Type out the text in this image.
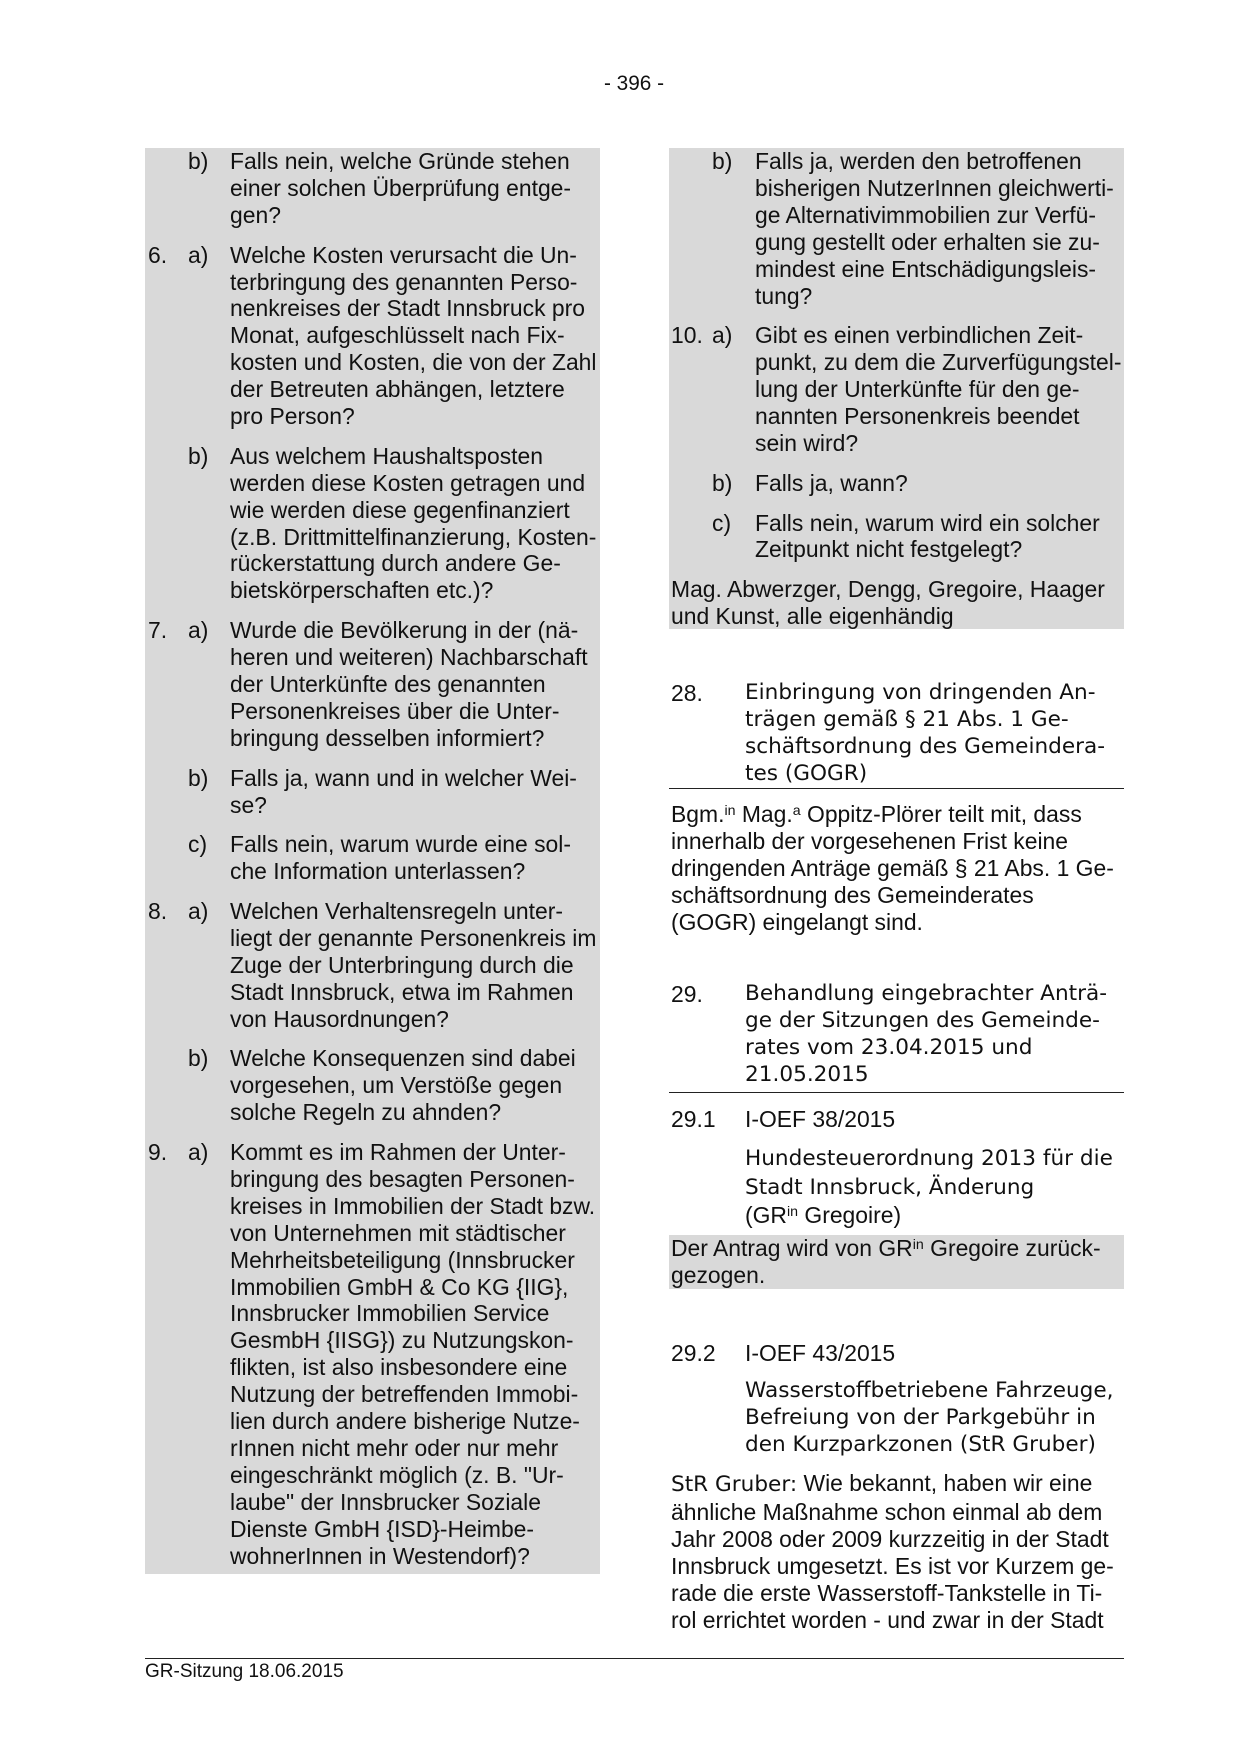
- 396 -
b) Falls nein, welche Gründe stehen
einer solchen Überprüfung entge-
gen?
6. a) Welche Kosten verursacht die Un-
terbringung des genannten Perso-
nenkreises der Stadt Innsbruck pro
Monat, aufgeschlüsselt nach Fix-
kosten und Kosten, die von der Zahl
der Betreuten abhängen, letztere
pro Person?
b) Aus welchem Haushaltsposten
werden diese Kosten getragen und
wie werden diese gegenfinanziert
(z.B. Drittmittelfinanzierung, Kosten-
rückerstattung durch andere Ge-
bietskörperschaften etc.)?
7. a) Wurde die Bevölkerung in der (nä-
heren und weiteren) Nachbarschaft
der Unterkünfte des genannten
Personenkreises über die Unter-
bringung desselben informiert?
b) Falls ja, wann und in welcher Wei-
se?
c) Falls nein, warum wurde eine sol-
che Information unterlassen?
8. a) Welchen Verhaltensregeln unter-
liegt der genannte Personenkreis im
Zuge der Unterbringung durch die
Stadt Innsbruck, etwa im Rahmen
von Hausordnungen?
b) Welche Konsequenzen sind dabei
vorgesehen, um Verstöße gegen
solche Regeln zu ahnden?
9. a) Kommt es im Rahmen der Unter-
bringung des besagten Personen-
kreises in Immobilien der Stadt bzw.
von Unternehmen mit städtischer
Mehrheitsbeteiligung (Innsbrucker
Immobilien GmbH & Co KG {IIG},
Innsbrucker Immobilien Service
GesmbH {IISG}) zu Nutzungskon-
flikten, ist also insbesondere eine
Nutzung der betreffenden Immobi-
lien durch andere bisherige Nutze-
rInnen nicht mehr oder nur mehr
eingeschränkt möglich (z. B. "Ur-
laube" der Innsbrucker Soziale
Dienste GmbH {ISD}-Heimbe-
wohnerInnen in Westendorf)?
b) Falls ja, werden den betroffenen
bisherigen NutzerInnen gleichwerti-
ge Alternativimmobilien zur Verfü-
gung gestellt oder erhalten sie zu-
mindest eine Entschädigungsleis-
tung?
10. a) Gibt es einen verbindlichen Zeit-
punkt, zu dem die Zurverfügungstel-
lung der Unterkünfte für den ge-
nannten Personenkreis beendet
sein wird?
b) Falls ja, wann?
c) Falls nein, warum wird ein solcher
Zeitpunkt nicht festgelegt?
Mag. Abwerzger, Dengg, Gregoire, Haager
und Kunst, alle eigenhändig
28. Einbringung von dringenden An-
trägen gemäß § 21 Abs. 1 Ge-
schäftsordnung des Gemeindera-
tes (GOGR)
Bgm.$^{in}$ Mag.$^a$ Oppitz-Plörer teilt mit, dass
innerhalb der vorgesehenen Frist keine
dringenden Anträge gemäß § 21 Abs. 1 Ge-
schäftsordnung des Gemeinderates
(GOGR) eingelangt sind.
29. Behandlung eingebrachter Anträ-
ge der Sitzungen des Gemeinde-
rates vom 23.04.2015 und
21.05.2015
29.1 I-OEF 38/2015
Hundesteuerordnung 2013 für die
Stadt Innsbruck, Änderung
($GR^{in}$ Gregoire)
Der Antrag wird von $GR^{in}$ Gregoire zurück-
gezogen.
29.2 I-OEF 43/2015
Wasserstoffbetriebene Fahrzeuge,
Befreiung von der Parkgebühr in
den Kurzparkzonen (StR Gruber)
StR Gruber: Wie bekannt, haben wir eine
ähnliche Maßnahme schon einmal ab dem
Jahr 2008 oder 2009 kurzzeitig in der Stadt
Innsbruck umgesetzt. Es ist vor Kurzem ge-
rade die erste Wasserstoff-Tankstelle in Ti-
rol errichtet worden - und zwar in der Stadt
GR-Sitzung 18.06.2015
